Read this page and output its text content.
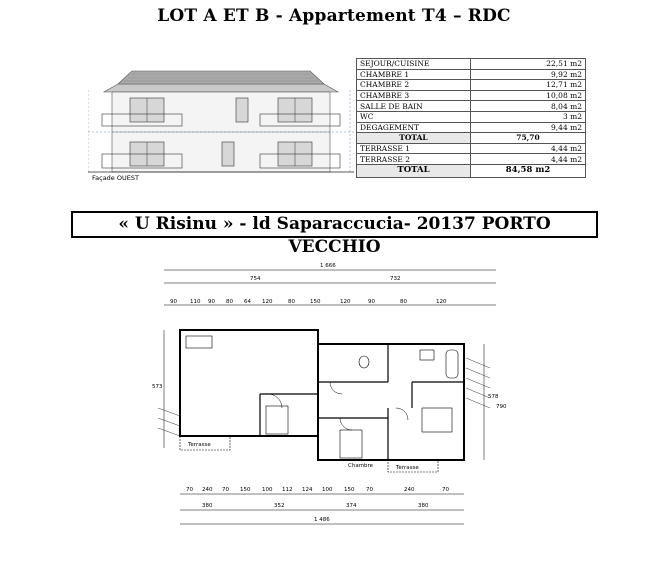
LOT A ET B - Appartement T4 – RDC
Façade OUEST
SEJOUR/CUISINE	22,51 m2
CHAMBRE 1	9,92 m2
CHAMBRE 2	12,71 m2
CHAMBRE 3	10,08 m2
SALLE DE BAIN	8,04 m2
WC	3 m2
DEGAGEMENT	9,44 m2
TOTAL	75,70
TERRASSE 1	4,44 m2
TERRASSE 2	4,44 m2
TOTAL	84,58 m2
« U Risinu » - ld Saparaccucia- 20137 PORTO VECCHIO
1 666
754	732
90 110 90 80 64 120	80	150	120	90	80	120
Terrasse
Chambre	Terrasse
573
578
790
70 240 70 150 100 112 124 100 150 70	240	70
380	352	374	380
1 486
